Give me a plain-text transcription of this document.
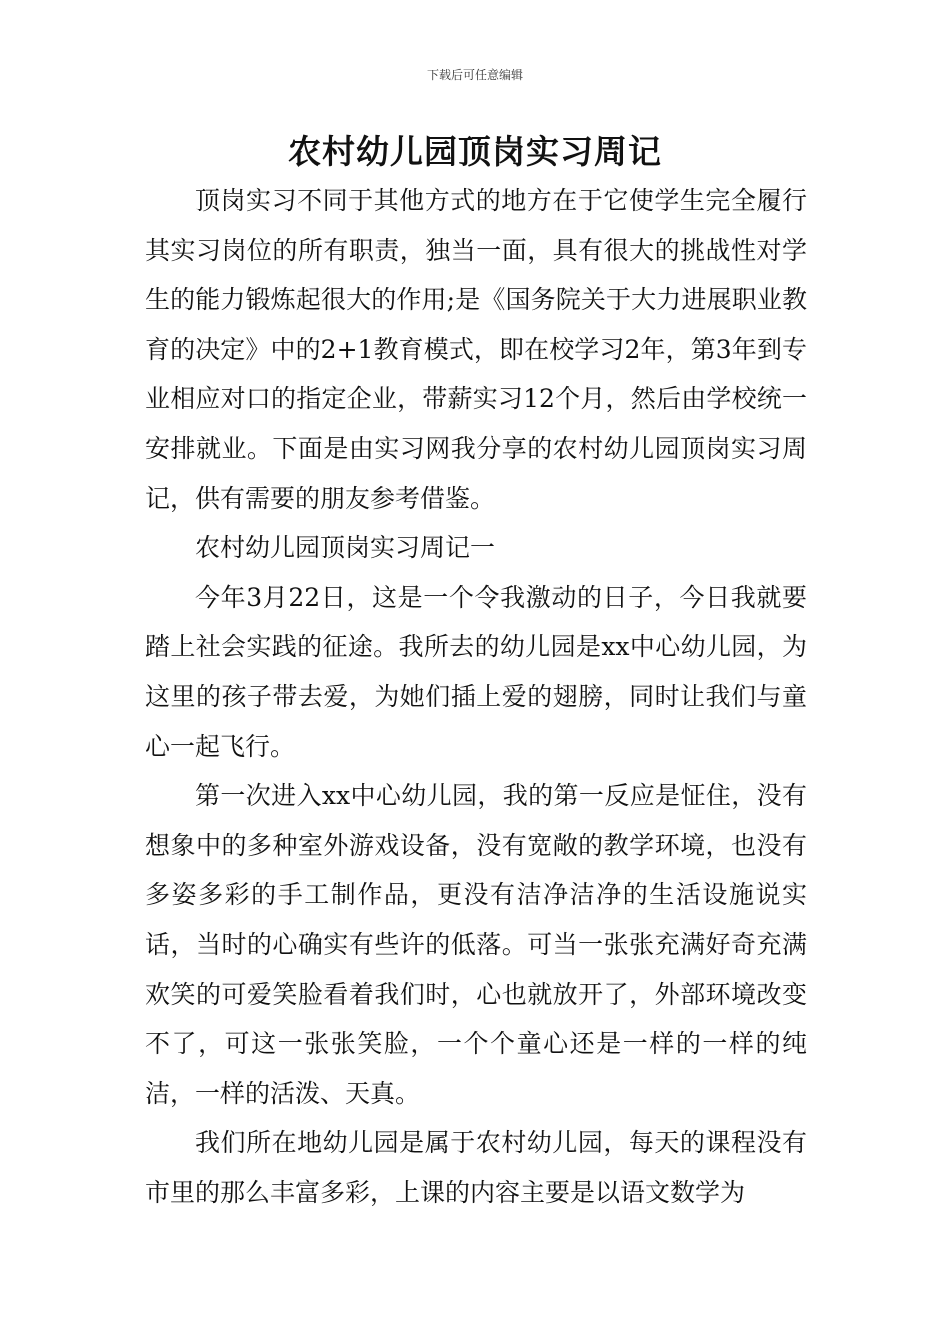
下载后可任意编辑
农村幼儿园顶岗实习周记

顶岗实习不同于其他方式的地方在于它使学生完全履行其实习岗位的所有职责，独当一面，具有很大的挑战性对学生的能力锻炼起很大的作用;是《国务院关于大力进展职业教育的决定》中的2+1教育模式，即在校学习2年，第3年到专业相应对口的指定企业，带薪实习12个月，然后由学校统一安排就业。下面是由实习网我分享的农村幼儿园顶岗实习周记，供有需要的朋友参考借鉴。

农村幼儿园顶岗实习周记一

今年3月22日，这是一个令我激动的日子，今日我就要踏上社会实践的征途。我所去的幼儿园是xx中心幼儿园，为这里的孩子带去爱，为她们插上爱的翅膀，同时让我们与童心一起飞行。

第一次进入xx中心幼儿园，我的第一反应是怔住，没有想象中的多种室外游戏设备，没有宽敞的教学环境，也没有多姿多彩的手工制作品，更没有洁净洁净的生活设施说实话，当时的心确实有些许的低落。可当一张张充满好奇充满欢笑的可爱笑脸看着我们时，心也就放开了，外部环境改变不了，可这一张张笑脸，一个个童心还是一样的一样的纯洁，一样的活泼、天真。

我们所在地幼儿园是属于农村幼儿园，每天的课程没有市里的那么丰富多彩，上课的内容主要是以语文数学为
